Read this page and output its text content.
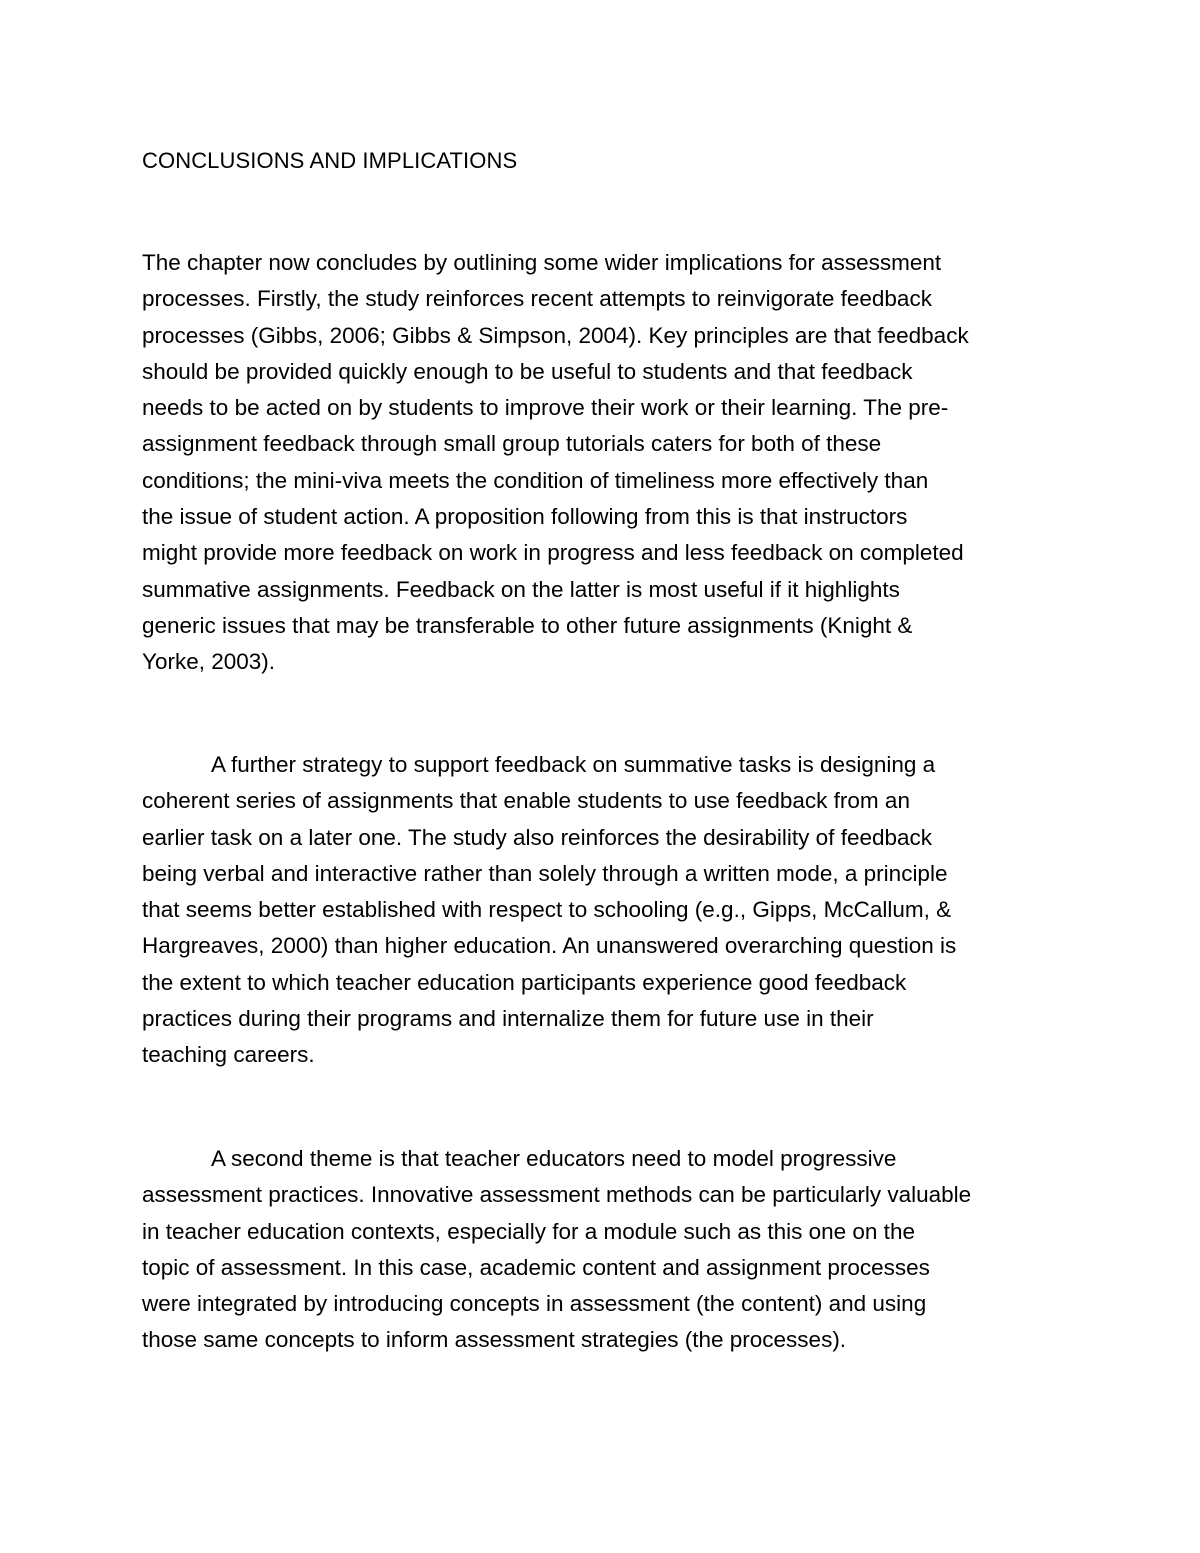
CONCLUSIONS AND IMPLICATIONS
The chapter now concludes by outlining some wider implications for assessment
processes. Firstly, the study reinforces recent attempts to reinvigorate feedback
processes (Gibbs, 2006; Gibbs & Simpson, 2004). Key principles are that feedback
should be provided quickly enough to be useful to students and that feedback
needs to be acted on by students to improve their work or their learning. The pre-
assignment feedback through small group tutorials caters for both of these
conditions; the mini-viva meets the condition of timeliness more effectively than
the issue of student action. A proposition following from this is that instructors
might provide more feedback on work in progress and less feedback on completed
summative assignments. Feedback on the latter is most useful if it highlights
generic issues that may be transferable to other future assignments (Knight &
Yorke, 2003).
A further strategy to support feedback on summative tasks is designing a
coherent series of assignments that enable students to use feedback from an
earlier task on a later one. The study also reinforces the desirability of feedback
being verbal and interactive rather than solely through a written mode, a principle
that seems better established with respect to schooling (e.g., Gipps, McCallum, &
Hargreaves, 2000) than higher education. An unanswered overarching question is
the extent to which teacher education participants experience good feedback
practices during their programs and internalize them for future use in their
teaching careers.
A second theme is that teacher educators need to model progressive
assessment practices. Innovative assessment methods can be particularly valuable
in teacher education contexts, especially for a module such as this one on the
topic of assessment. In this case, academic content and assignment processes
were integrated by introducing concepts in assessment (the content) and using
those same concepts to inform assessment strategies (the processes).
